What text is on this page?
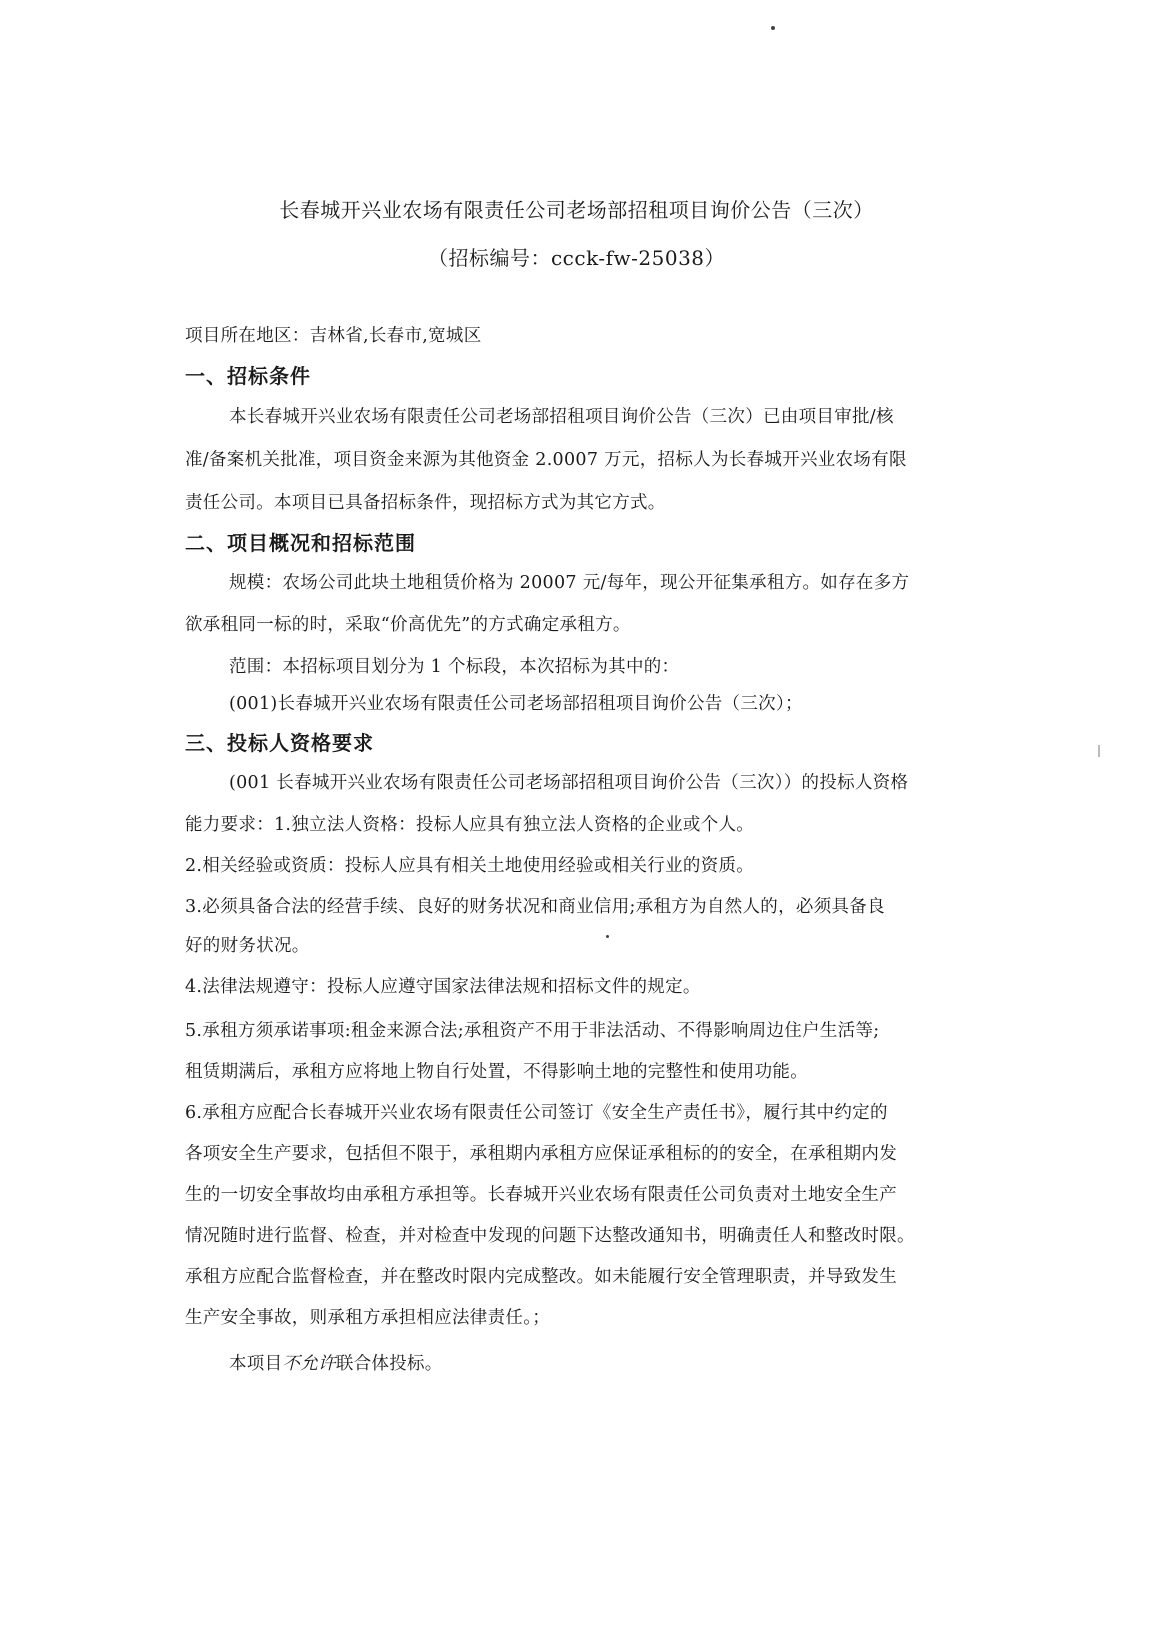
长春城开兴业农场有限责任公司老场部招租项目询价公告（三次）
（招标编号：ccck-fw-25038）
项目所在地区：吉林省,长春市,宽城区
一、招标条件
本长春城开兴业农场有限责任公司老场部招租项目询价公告（三次）已由项目审批/核
准/备案机关批准，项目资金来源为其他资金 2.0007 万元，招标人为长春城开兴业农场有限
责任公司。本项目已具备招标条件，现招标方式为其它方式。
二、项目概况和招标范围
规模：农场公司此块土地租赁价格为 20007 元/每年，现公开征集承租方。如存在多方
欲承租同一标的时，采取“价高优先”的方式确定承租方。
范围：本招标项目划分为 1 个标段，本次招标为其中的：
(001)长春城开兴业农场有限责任公司老场部招租项目询价公告（三次）；
三、投标人资格要求
(001 长春城开兴业农场有限责任公司老场部招租项目询价公告（三次））的投标人资格
能力要求：1.独立法人资格：投标人应具有独立法人资格的企业或个人。
2.相关经验或资质：投标人应具有相关土地使用经验或相关行业的资质。
3.必须具备合法的经营手续、良好的财务状况和商业信用;承租方为自然人的，必须具备良
好的财务状况。
4.法律法规遵守：投标人应遵守国家法律法规和招标文件的规定。
5.承租方须承诺事项:租金来源合法;承租资产不用于非法活动、不得影响周边住户生活等;
租赁期满后，承租方应将地上物自行处置，不得影响土地的完整性和使用功能。
6.承租方应配合长春城开兴业农场有限责任公司签订《安全生产责任书》，履行其中约定的
各项安全生产要求，包括但不限于，承租期内承租方应保证承租标的的安全，在承租期内发
生的一切安全事故均由承租方承担等。长春城开兴业农场有限责任公司负责对土地安全生产
情况随时进行监督、检查，并对检查中发现的问题下达整改通知书，明确责任人和整改时限。
承租方应配合监督检查，并在整改时限内完成整改。如未能履行安全管理职责，并导致发生
生产安全事故，则承租方承担相应法律责任。；
本项目不允许联合体投标。
